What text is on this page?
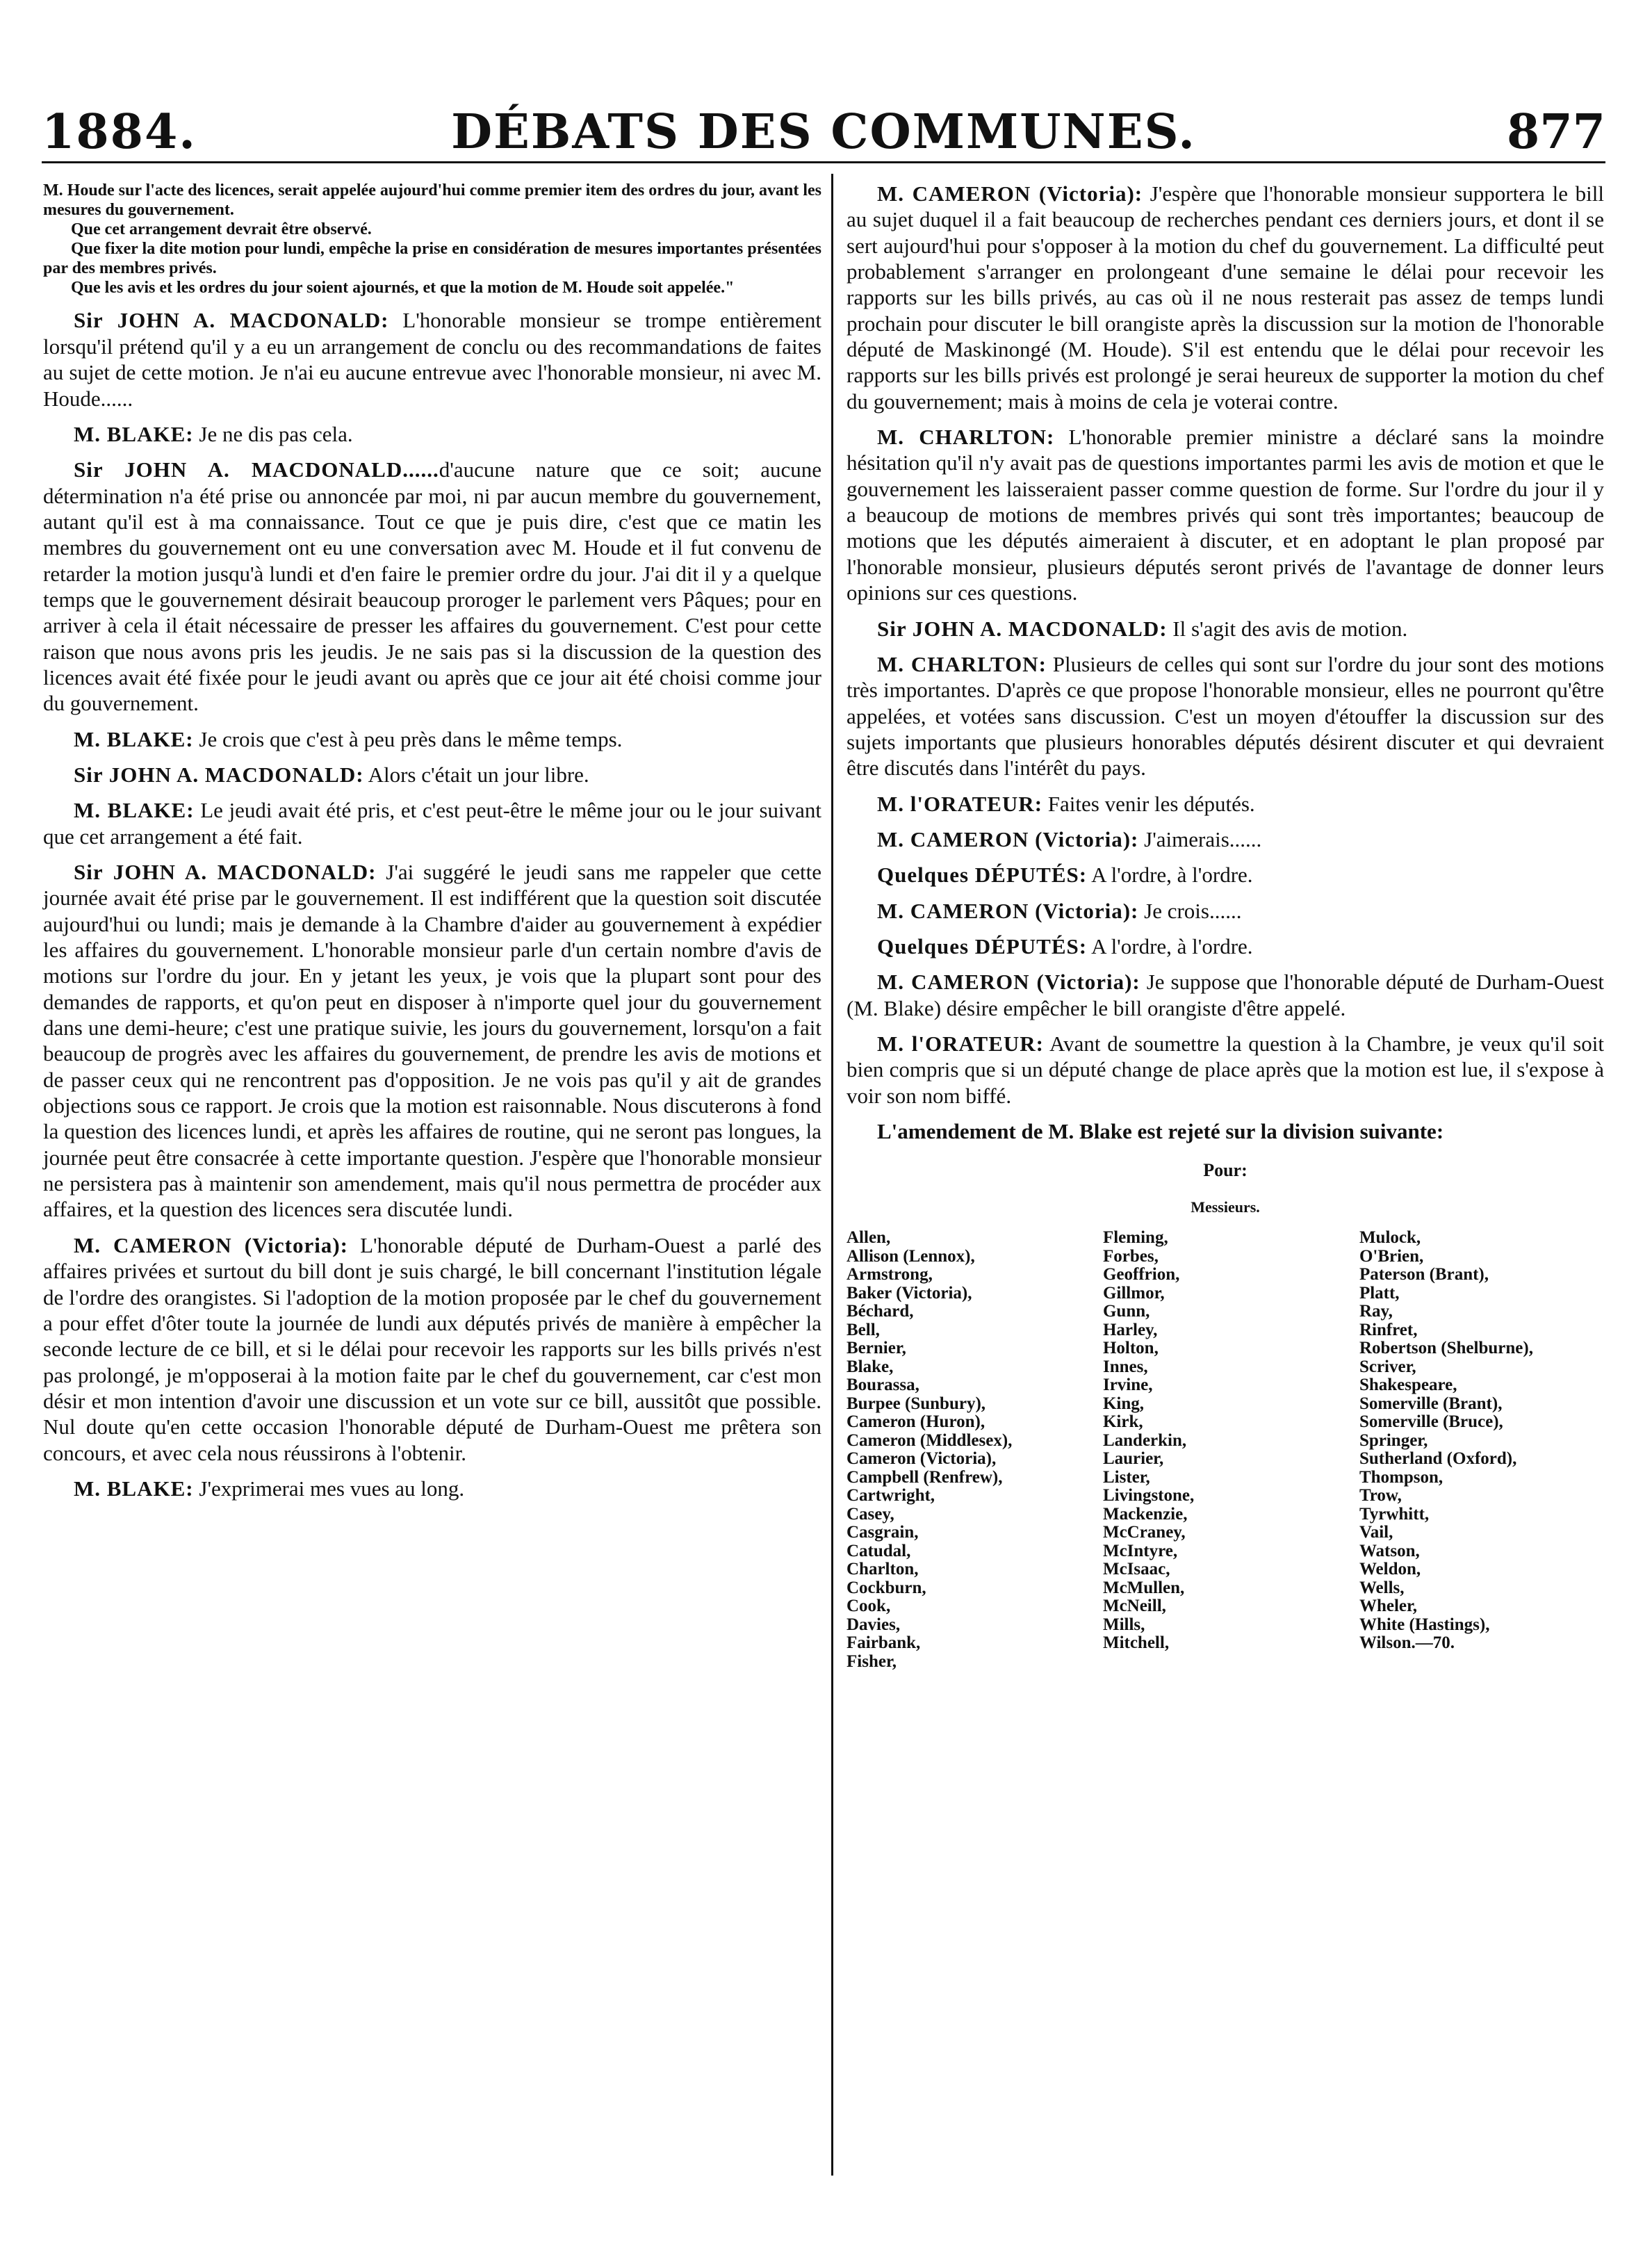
1884.	DÉBATS DES COMMUNES.	877

M. Houde sur l'acte des licences, serait appelée aujourd'hui comme premier item des ordres du jour, avant les mesures du gouvernement.

Que cet arrangement devrait être observé.

Que fixer la dite motion pour lundi, empêche la prise en considération de mesures importantes présentées par des membres privés.

Que les avis et les ordres du jour soient ajournés, et que la motion de M. Houde soit appelée."

Sir JOHN A. MACDONALD: L'honorable monsieur se trompe entièrement lorsqu'il prétend qu'il y a eu un arrangement de conclu ou des recommandations de faites au sujet de cette motion. Je n'ai eu aucune entrevue avec l'honorable monsieur, ni avec M. Houde......

M. BLAKE: Je ne dis pas cela.

Sir JOHN A. MACDONALD......d'aucune nature que ce soit; aucune détermination n'a été prise ou annoncée par moi, ni par aucun membre du gouvernement, autant qu'il est à ma connaissance. Tout ce que je puis dire, c'est que ce matin les membres du gouvernement ont eu une conversation avec M. Houde et il fut convenu de retarder la motion jusqu'à lundi et d'en faire le premier ordre du jour. J'ai dit il y a quelque temps que le gouvernement désirait beaucoup proroger le parlement vers Pâques; pour en arriver à cela il était nécessaire de presser les affaires du gouvernement. C'est pour cette raison que nous avons pris les jeudis. Je ne sais pas si la discussion de la question des licences avait été fixée pour le jeudi avant ou après que ce jour ait été choisi comme jour du gouvernement.

M. BLAKE: Je crois que c'est à peu près dans le même temps.

Sir JOHN A. MACDONALD: Alors c'était un jour libre.

M. BLAKE: Le jeudi avait été pris, et c'est peut-être le même jour ou le jour suivant que cet arrangement a été fait.

Sir JOHN A. MACDONALD: J'ai suggéré le jeudi sans me rappeler que cette journée avait été prise par le gouvernement. Il est indifférent que la question soit discutée aujourd'hui ou lundi; mais je demande à la Chambre d'aider au gouvernement à expédier les affaires du gouvernement. L'honorable monsieur parle d'un certain nombre d'avis de motions sur l'ordre du jour. En y jetant les yeux, je vois que la plupart sont pour des demandes de rapports, et qu'on peut en disposer à n'importe quel jour du gouvernement dans une demi-heure; c'est une pratique suivie, les jours du gouvernement, lorsqu'on a fait beaucoup de progrès avec les affaires du gouvernement, de prendre les avis de motions et de passer ceux qui ne rencontrent pas d'opposition. Je ne vois pas qu'il y ait de grandes objections sous ce rapport. Je crois que la motion est raisonnable. Nous discuterons à fond la question des licences lundi, et après les affaires de routine, qui ne seront pas longues, la journée peut être consacrée à cette importante question. J'espère que l'honorable monsieur ne persistera pas à maintenir son amendement, mais qu'il nous permettra de procéder aux affaires, et la question des licences sera discutée lundi.

M. CAMERON (Victoria): L'honorable député de Durham-Ouest a parlé des affaires privées et surtout du bill dont je suis chargé, le bill concernant l'institution légale de l'ordre des orangistes. Si l'adoption de la motion proposée par le chef du gouvernement a pour effet d'ôter toute la journée de lundi aux députés privés de manière à empêcher la seconde lecture de ce bill, et si le délai pour recevoir les rapports sur les bills privés n'est pas prolongé, je m'opposerai à la motion faite par le chef du gouvernement, car c'est mon désir et mon intention d'avoir une discussion et un vote sur ce bill, aussitôt que possible. Nul doute qu'en cette occasion l'honorable député de Durham-Ouest me prêtera son concours, et avec cela nous réussirons à l'obtenir.

M. BLAKE: J'exprimerai mes vues au long.

M. CAMERON (Victoria): J'espère que l'honorable monsieur supportera le bill au sujet duquel il a fait beaucoup de recherches pendant ces derniers jours, et dont il se sert aujourd'hui pour s'opposer à la motion du chef du gouvernement. La difficulté peut probablement s'arranger en prolongeant d'une semaine le délai pour recevoir les rapports sur les bills privés, au cas où il ne nous resterait pas assez de temps lundi prochain pour discuter le bill orangiste après la discussion sur la motion de l'honorable député de Maskinongé (M. Houde). S'il est entendu que le délai pour recevoir les rapports sur les bills privés est prolongé je serai heureux de supporter la motion du chef du gouvernement; mais à moins de cela je voterai contre.

M. CHARLTON: L'honorable premier ministre a déclaré sans la moindre hésitation qu'il n'y avait pas de questions importantes parmi les avis de motion et que le gouvernement les laisseraient passer comme question de forme. Sur l'ordre du jour il y a beaucoup de motions de membres privés qui sont très importantes; beaucoup de motions que les députés aimeraient à discuter, et en adoptant le plan proposé par l'honorable monsieur, plusieurs députés seront privés de l'avantage de donner leurs opinions sur ces questions.

Sir JOHN A. MACDONALD: Il s'agit des avis de motion.

M. CHARLTON: Plusieurs de celles qui sont sur l'ordre du jour sont des motions très importantes. D'après ce que propose l'honorable monsieur, elles ne pourront qu'être appelées, et votées sans discussion. C'est un moyen d'étouffer la discussion sur des sujets importants que plusieurs honorables députés désirent discuter et qui devraient être discutés dans l'intérêt du pays.

M. l'ORATEUR: Faites venir les députés.

M. CAMERON (Victoria): J'aimerais......

Quelques DÉPUTÉS: A l'ordre, à l'ordre.

M. CAMERON (Victoria): Je crois......

Quelques DÉPUTÉS: A l'ordre, à l'ordre.

M. CAMERON (Victoria): Je suppose que l'honorable député de Durham-Ouest (M. Blake) désire empêcher le bill orangiste d'être appelé.

M. l'ORATEUR: Avant de soumettre la question à la Chambre, je veux qu'il soit bien compris que si un député change de place après que la motion est lue, il s'expose à voir son nom biffé.

L'amendement de M. Blake est rejeté sur la division suivante:

Pour:
Messieurs.
Allen,
Allison (Lennox),
Armstrong,
Baker (Victoria),
Béchard,
Bell,
Bernier,
Blake,
Bourassa,
Burpee (Sunbury),
Cameron (Huron),
Cameron (Middlesex),
Cameron (Victoria),
Campbell (Renfrew),
Cartwright,
Casey,
Casgrain,
Catudal,
Charlton,
Cockburn,
Cook,
Davies,
Fairbank,
Fisher,
Fleming,
Forbes,
Geoffrion,
Gillmor,
Gunn,
Harley,
Holton,
Innes,
Irvine,
King,
Kirk,
Landerkin,
Laurier,
Lister,
Livingstone,
Mackenzie,
McCraney,
McIntyre,
McIsaac,
McMullen,
McNeill,
Mills,
Mitchell,
Mulock,
O'Brien,
Paterson (Brant),
Platt,
Ray,
Rinfret,
Robertson (Shelburne),
Scriver,
Shakespeare,
Somerville (Brant),
Somerville (Bruce),
Springer,
Sutherland (Oxford),
Thompson,
Trow,
Tyrwhitt,
Vail,
Watson,
Weldon,
Wells,
Wheler,
White (Hastings),
Wilson.—70.
